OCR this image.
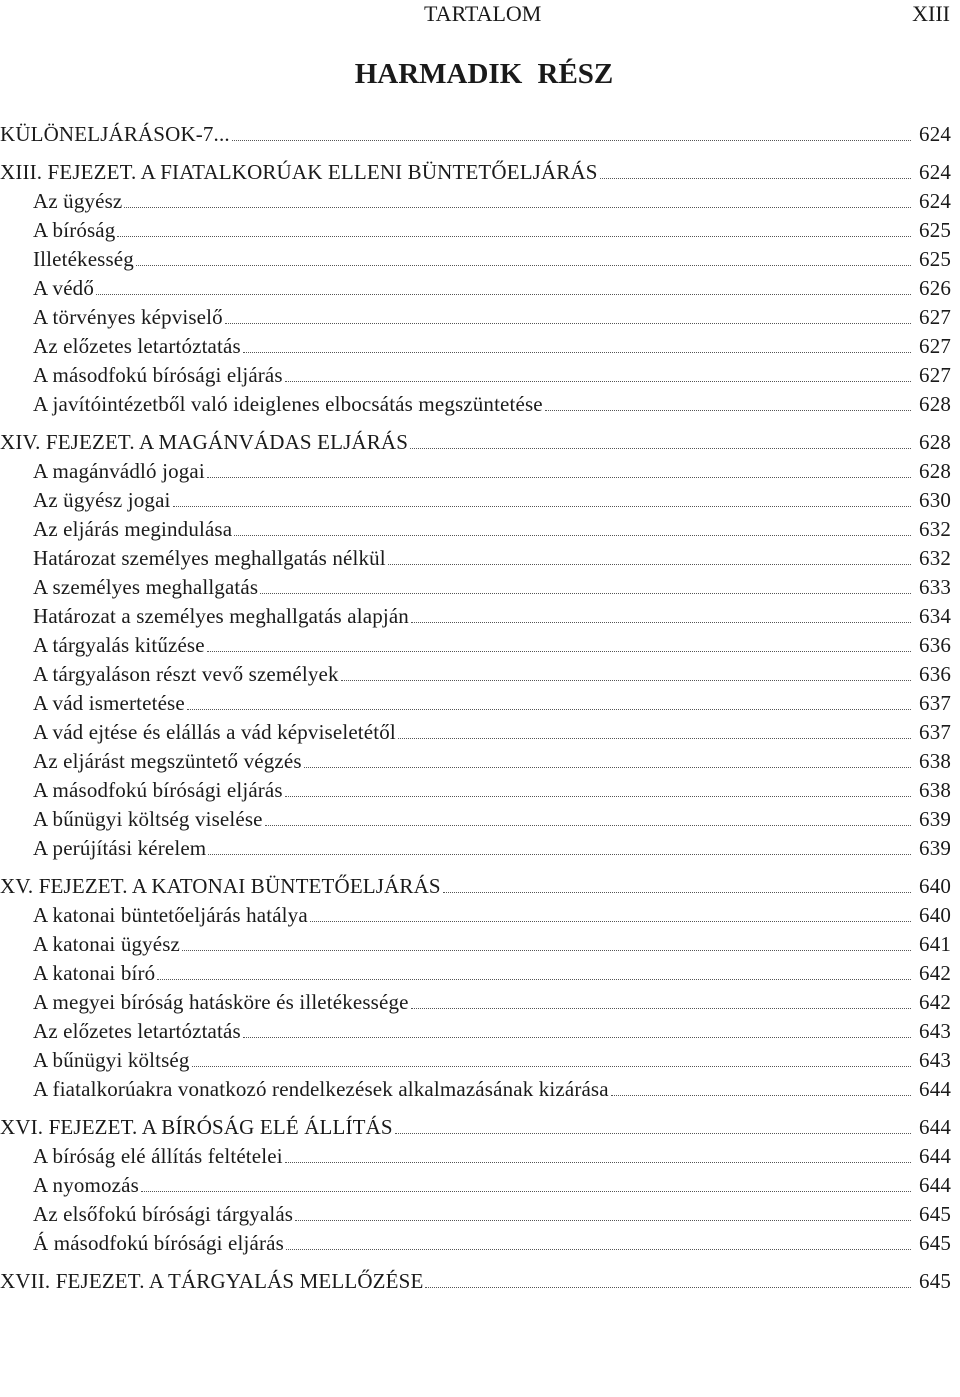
TARTALOM	XIII
HARMADIK RÉSZ
KÜLÖNELJÁRÁSOK-7...	624
XIII. FEJEZET. A FIATALKORÚAK ELLENI BÜNTETŐELJÁRÁS	624
Az ügyész	624
A bíróság	625
Illetékesség	625
A védő	626
A törvényes képviselő	627
Az előzetes letartóztatás	627
A másodfokú bírósági eljárás	627
A javítóintézetből való ideiglenes elbocsátás megszüntetése	628
XIV. FEJEZET. A MAGÁNVÁDAS ELJÁRÁS	628
A magánvádló jogai	628
Az ügyész jogai	630
Az eljárás megindulása	632
Határozat személyes meghallgatás nélkül	632
A személyes meghallgatás	633
Határozat a személyes meghallgatás alapján	634
A tárgyalás kitűzése	636
A tárgyaláson részt vevő személyek	636
A vád ismertetése	637
A vád ejtése és elállás a vád képviseletétől	637
Az eljárást megszüntető végzés	638
A másodfokú bírósági eljárás	638
A bűnügyi költség viselése	639
A perújítási kérelem	639
XV. FEJEZET. A KATONAI BÜNTETŐELJÁRÁS	640
A katonai büntetőeljárás hatálya	640
A katonai ügyész	641
A katonai bíró	642
A megyei bíróság hatásköre és illetékessége	642
Az előzetes letartóztatás	643
A bűnügyi költség	643
A fiatalkorúakra vonatkozó rendelkezések alkalmazásának kizárása	644
XVI. FEJEZET. A BÍRÓSÁG ELÉ ÁLLÍTÁS	644
A bíróság elé állítás feltételei	644
A nyomozás	644
Az elsőfokú bírósági tárgyalás	645
Á másodfokú bírósági eljárás	645
XVII. FEJEZET. A TÁRGYALÁS MELLŐZÉSE	645
